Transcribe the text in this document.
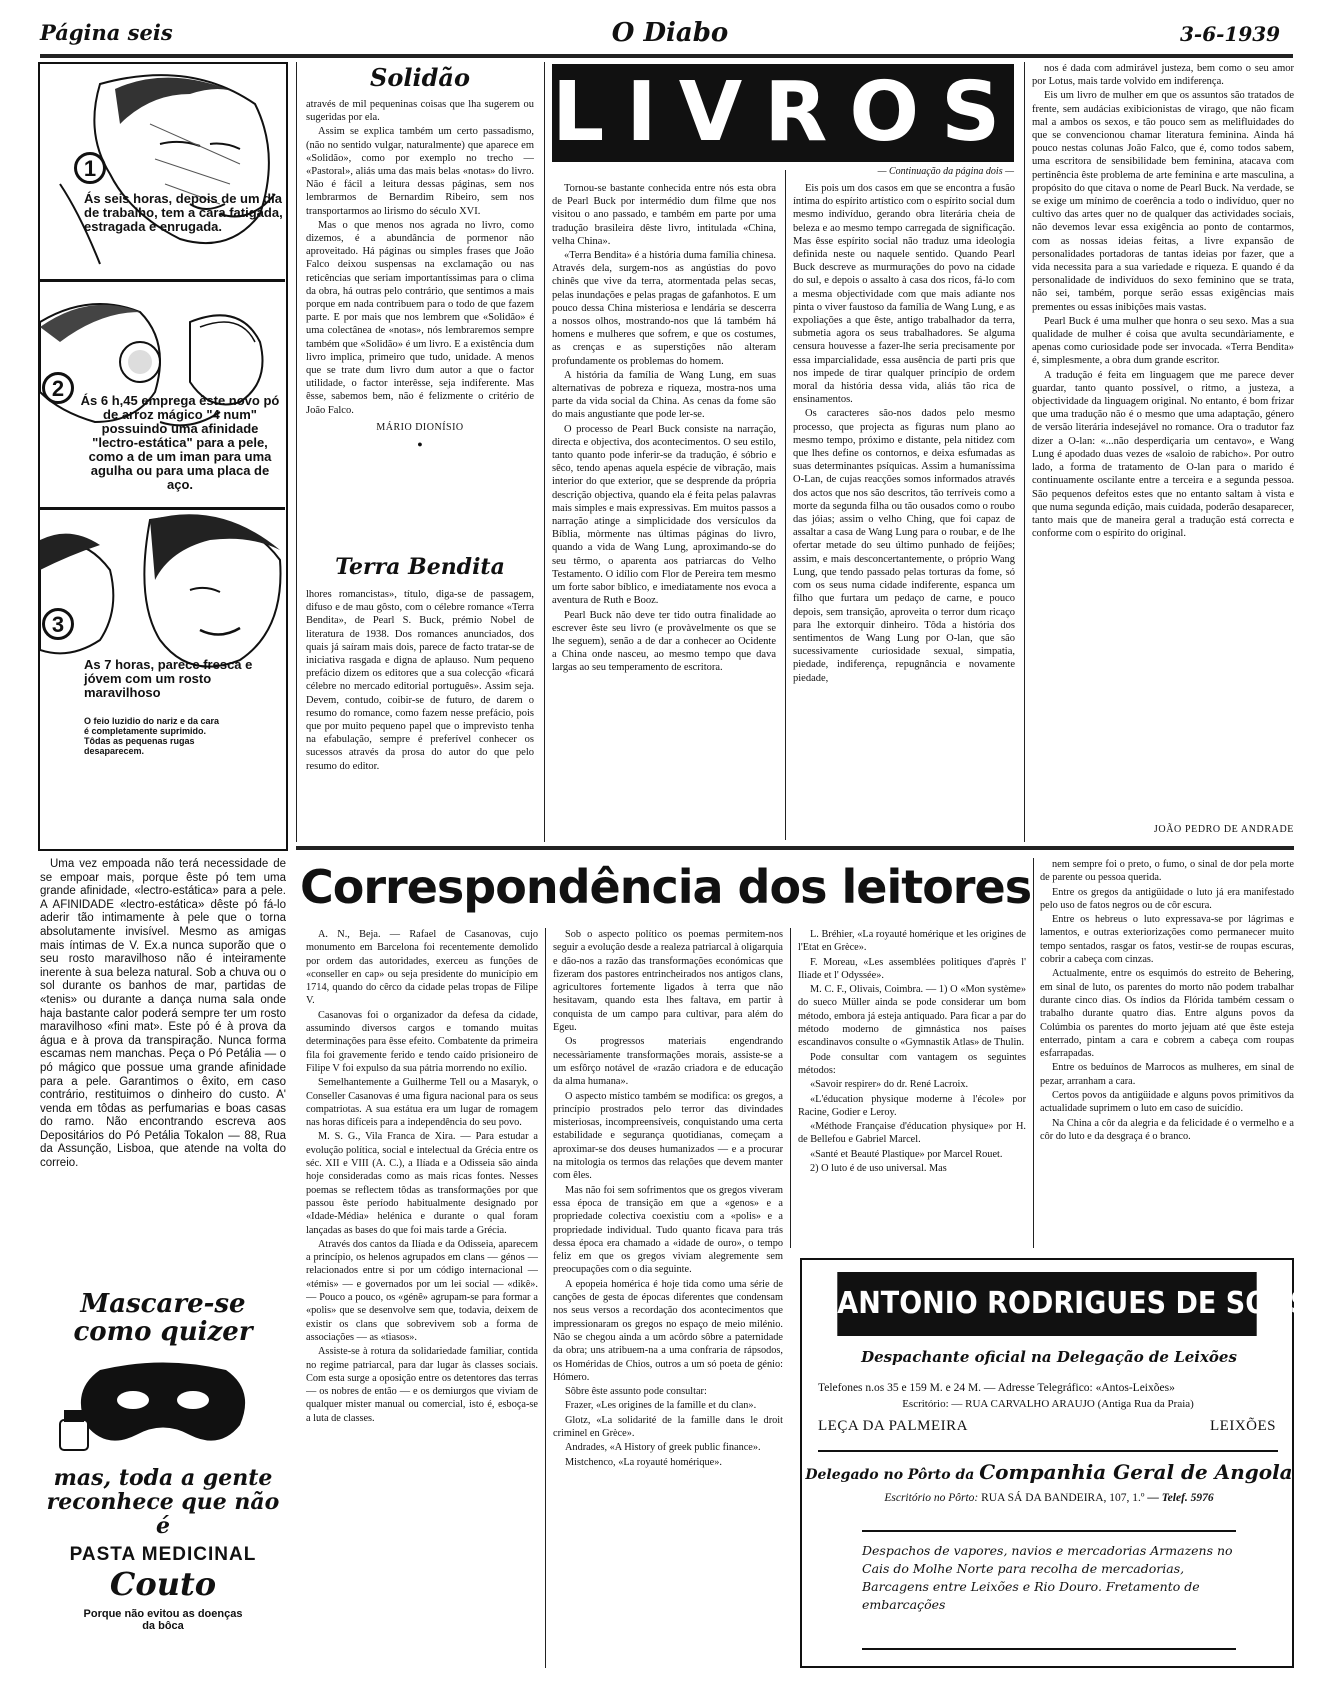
Página seis	O Diabo	3-6-1939
1
Ás seis horas, depois de um dia de trabalho, tem a cara fatigada, estragada e enrugada.
2	Ás 6 h,45 emprega êste novo pó de arroz mágico "4 num" possuindo uma afinidade "lectro-estática" para a pele, como a de um iman para uma agulha ou para uma placa de aço.
3
As 7 horas, parece fresca e jóvem com um rosto maravilhoso
O feio luzidio do nariz e da cara é completamente suprimido. Tôdas as pequenas rugas desaparecem.

Uma vez empoada não terá necessidade de se empoar mais, porque êste pó tem uma grande afinidade, «lectro-estática» para a pele. A AFINIDADE «lectro-estática» dêste pó fá-lo aderir tão intimamente à pele que o torna absolutamente invisível. Mesmo as amigas mais íntimas de V. Ex.a nunca suporão que o seu rosto maravilhoso não é inteiramente inerente à sua beleza natural. Sob a chuva ou o sol durante os banhos de mar, partidas de «tenis» ou durante a dança numa sala onde haja bastante calor poderá sempre ter um rosto maravilhoso «fini mat». Este pó é à prova da água e à prova da transpiração. Nunca forma escamas nem manchas. Peça o Pó Petália — o pó mágico que possue uma grande afinidade para a pele. Garantimos o êxito, em caso contrário, restituimos o dinheiro do custo. A' venda em tôdas as perfumarias e boas casas do ramo. Não encontrando escreva aos Depositários do Pó Petália Tokalon — 88, Rua da Assunção, Lisboa, que atende na volta do correio.

Mascare-se como quizer
mas, toda a gente reconhece que não é
PASTA MEDICINAL
Couto
Porque não evitou as doenças da bôca
Solidão

através de mil pequeninas coisas que lha sugerem ou sugeridas por ela.

Assim se explica também um certo passadismo, (não no sentido vulgar, naturalmente) que aparece em «Solidão», como por exemplo no trecho — «Pastoral», aliás uma das mais belas «notas» do livro. Não é fácil a leitura dessas páginas, sem nos lembrarmos de Bernardim Ribeiro, sem nos transportarmos ao lirismo do século XVI.

Mas o que menos nos agrada no livro, como dizemos, é a abundância de pormenor não aproveitado. Há páginas ou simples frases que João Falco deixou suspensas na exclamação ou nas reticências que seriam importantíssimas para o clima da obra, há outras pelo contrário, que sentimos a mais porque em nada contribuem para o todo de que fazem parte. E por mais que nos lembrem que «Solidão» é uma colectânea de «notas», nós lembraremos sempre também que «Solidão» é um livro. E a existência dum livro implica, primeiro que tudo, unidade. A menos que se trate dum livro dum autor a que o factor utilidade, o factor interêsse, seja indiferente. Mas êsse, sabemos bem, não é felizmente o critério de João Falco.

MÁRIO DIONÍSIO
●
Terra Bendita

lhores romancistas», título, diga-se de passagem, difuso e de mau gôsto, com o célebre romance «Terra Bendita», de Pearl S. Buck, prémio Nobel de literatura de 1938. Dos romances anunciados, dos quais já saíram mais dois, parece de facto tratar-se de iniciativa rasgada e digna de aplauso. Num pequeno prefácio dizem os editores que a sua colecção «ficará célebre no mercado editorial português». Assim seja. Devem, contudo, coibir-se de futuro, de darem o resumo do romance, como fazem nesse prefácio, pois que por muito pequeno papel que o imprevisto tenha na efabulação, sempre é preferível conhecer os sucessos através da prosa do autor do que pelo resumo do editor.

LIVROS
— Continuação da página dois —

Tornou-se bastante conhecida entre nós esta obra de Pearl Buck por intermédio dum filme que nos visitou o ano passado, e também em parte por uma tradução brasileira dêste livro, intitulada «China, velha China».

«Terra Bendita» é a história duma família chinesa. Através dela, surgem-nos as angústias do povo chinês que vive da terra, atormentada pelas secas, pelas inundações e pelas pragas de gafanhotos. E um pouco dessa China misteriosa e lendária se descerra a nossos olhos, mostrando-nos que lá também há homens e mulheres que sofrem, e que os costumes, as crenças e as superstições não alteram profundamente os problemas do homem.

A história da família de Wang Lung, em suas alternativas de pobreza e riqueza, mostra-nos uma parte da vida social da China. As cenas da fome são do mais angustiante que pode ler-se.

O processo de Pearl Buck consiste na narração, directa e objectiva, dos acontecimentos. O seu estilo, tanto quanto pode inferir-se da tradução, é sóbrio e sêco, tendo apenas aquela espécie de vibração, mais interior do que exterior, que se desprende da própria descrição objectiva, quando ela é feita pelas palavras mais simples e mais expressivas. Em muitos passos a narração atinge a simplicidade dos versículos da Bíblia, mòrmente nas últimas páginas do livro, quando a vida de Wang Lung, aproximando-se do seu têrmo, o aparenta aos patriarcas do Velho Testamento. O idílio com Flor de Pereira tem mesmo um forte sabor bíblico, e imediatamente nos evoca a aventura de Ruth e Booz.

Pearl Buck não deve ter tido outra finalidade ao escrever êste seu livro (e provàvelmente os que se lhe seguem), senão a de dar a conhecer ao Ocidente a China onde nasceu, ao mesmo tempo que dava largas ao seu temperamento de escritora.

Eis pois um dos casos em que se encontra a fusão íntima do espírito artístico com o espírito social dum mesmo indivíduo, gerando obra literária cheia de beleza e ao mesmo tempo carregada de significação. Mas êsse espírito social não traduz uma ideologia definida neste ou naquele sentido. Quando Pearl Buck descreve as murmurações do povo na cidade do sul, e depois o assalto à casa dos ricos, fá-lo com a mesma objectividade com que mais adiante nos pinta o viver faustoso da família de Wang Lung, e as expoliações a que êste, antigo trabalhador da terra, submetia agora os seus trabalhadores. Se alguma censura houvesse a fazer-lhe seria precisamente por essa imparcialidade, essa ausência de parti pris que nos impede de tirar qualquer princípio de ordem moral da história dessa vida, aliás tão rica de ensinamentos.

Os caracteres são-nos dados pelo mesmo processo, que projecta as figuras num plano ao mesmo tempo, próximo e distante, pela nitidez com que lhes define os contornos, e deixa esfumadas as suas determinantes psíquicas. Assim a humaníssima O-Lan, de cujas reacções somos informados através dos actos que nos são descritos, tão terríveis como a morte da segunda filha ou tão ousados como o roubo das jóias; assim o velho Ching, que foi capaz de assaltar a casa de Wang Lung para o roubar, e de lhe ofertar metade do seu último punhado de feijões; assim, e mais desconcertantemente, o próprio Wang Lung, que tendo passado pelas torturas da fome, só com os seus numa cidade indiferente, espanca um filho que furtara um pedaço de carne, e pouco depois, sem transição, aproveita o terror dum ricaço para lhe extorquir dinheiro. Tôda a história dos sentimentos de Wang Lung por O-lan, que são sucessivamente curiosidade sexual, simpatia, piedade, indiferença, repugnância e novamente piedade,

nos é dada com admirável justeza, bem como o seu amor por Lotus, mais tarde volvido em indiferença.

Eis um livro de mulher em que os assuntos são tratados de frente, sem audácias exibicionistas de virago, que não ficam mal a ambos os sexos, e tão pouco sem as melifluidades do que se convencionou chamar literatura feminina. Ainda há pouco nestas colunas João Falco, que é, como todos sabem, uma escritora de sensibilidade bem feminina, atacava com pertinência êste problema de arte feminina e arte masculina, a propósito do que citava o nome de Pearl Buck. Na verdade, se se exige um mínimo de coerência a todo o indivíduo, quer no cultivo das artes quer no de qualquer das actividades sociais, não devemos levar essa exigência ao ponto de contarmos, com as nossas ideias feitas, a livre expansão de personalidades portadoras de tantas ideias por fazer, que a vida necessita para a sua variedade e riqueza. E quando é da personalidade de indivíduos do sexo feminino que se trata, não sei, também, porque serão essas exigências mais prementes ou essas inibições mais vastas.

Pearl Buck é uma mulher que honra o seu sexo. Mas a sua qualidade de mulher é coisa que avulta secundàriamente, e apenas como curiosidade pode ser invocada. «Terra Bendita» é, simplesmente, a obra dum grande escritor.

A tradução é feita em linguagem que me parece dever guardar, tanto quanto possível, o ritmo, a justeza, a objectividade da linguagem original. No entanto, é bom frizar que uma tradução não é o mesmo que uma adaptação, género de versão literária indesejável no romance. Ora o tradutor faz dizer a O-lan: «...não desperdiçaria um centavo», e Wang Lung é apodado duas vezes de «saloio de rabicho». Por outro lado, a forma de tratamento de O-lan para o marido é continuamente oscilante entre a terceira e a segunda pessoa. São pequenos defeitos estes que no entanto saltam à vista e que numa segunda edição, mais cuidada, poderão desaparecer, tanto mais que de maneira geral a tradução está correcta e conforme com o espírito do original.

JOÃO PEDRO DE ANDRADE
Correspondência dos leitores

A. N., Beja. — Rafael de Casanovas, cujo monumento em Barcelona foi recentemente demolido por ordem das autoridades, exerceu as funções de «conseller en cap» ou seja presidente do município em 1714, quando do cêrco da cidade pelas tropas de Filipe V.

Casanovas foi o organizador da defesa da cidade, assumindo diversos cargos e tomando muitas determinações para êsse efeito. Combatente da primeira fila foi gravemente ferido e tendo caído prisioneiro de Filipe V foi expulso da sua pátria morrendo no exílio.

Semelhantemente a Guilherme Tell ou a Masaryk, o Conseller Casanovas é uma figura nacional para os seus compatriotas. A sua estátua era um lugar de romagem nas horas difíceis para a independência do seu povo.

M. S. G., Vila Franca de Xira. — Para estudar a evolução política, social e intelectual da Grécia entre os séc. XII e VIII (A. C.), a Ilíada e a Odisseia são ainda hoje consideradas como as mais ricas fontes. Nesses poemas se reflectem tôdas as transformações por que passou êste período habitualmente designado por «Idade-Média» helénica e durante o qual foram lançadas as bases do que foi mais tarde a Grécia.

Através dos cantos da Ilíada e da Odisseia, aparecem a princípio, os helenos agrupados em clans — génos — relacionados entre si por um código internacional — «témis» — e governados por um lei social — «dikê». — Pouco a pouco, os «génê» agrupam-se para formar a «polis» que se desenvolve sem que, todavia, deixem de existir os clans que sobrevivem sob a forma de associações — as «tiasos».

Assiste-se à rotura da solidariedade familiar, contida no regime patriarcal, para dar lugar às classes sociais. Com esta surge a oposição entre os detentores das terras — os nobres de então — e os demiurgos que viviam de qualquer mister manual ou comercial, isto é, esboça-se a luta de classes.

Sob o aspecto político os poemas permitem-nos seguir a evolução desde a realeza patriarcal à oligarquia e dão-nos a razão das transformações económicas que fizeram dos pastores entrincheirados nos antigos clans, agricultores fortemente ligados à terra que não hesitavam, quando esta lhes faltava, em partir à conquista de um campo para cultivar, para além do Egeu.

Os progressos materiais engendrando necessàriamente transformações morais, assiste-se a um esfôrço notável de «razão criadora e de educação da alma humana».

O aspecto místico também se modifica: os gregos, a princípio prostrados pelo terror das divindades misteriosas, incompreensíveis, conquistando uma certa estabilidade e segurança quotidianas, começam a aproximar-se dos deuses humanizados — e a procurar na mitologia os termos das relações que devem manter com êles.

Mas não foi sem sofrimentos que os gregos viveram essa época de transição em que a «genos» e a propriedade colectiva coexistiu com a «polis» e a propriedade individual. Tudo quanto ficava para trás dessa época era chamado a «idade de ouro», o tempo feliz em que os gregos viviam alegremente sem preocupações com o dia seguinte.

A epopeia homérica é hoje tida como uma série de canções de gesta de épocas diferentes que condensam nos seus versos a recordação dos acontecimentos que impressionaram os gregos no espaço de meio milénio. Não se chegou ainda a um acôrdo sôbre a paternidade da obra; uns atribuem-na a uma confraria de rápsodos, os Homéridas de Chios, outros a um só poeta de génio: Hómero.

Sôbre êste assunto pode consultar:

Frazer, «Les origines de la famille et du clan».

Glotz, «La solidarité de la famille dans le droit criminel en Grèce».

Andrades, «A History of greek public finance».

Mistchenco, «La royauté homérique».

L. Bréhier, «La royauté homérique et les origines de l'Etat en Grèce».

F. Moreau, «Les assemblées politiques d'après l' Iliade et l' Odyssée».

M. C. F., Olivais, Coimbra. — 1) O «Mon système» do sueco Müller ainda se pode considerar um bom método, embora já esteja antiquado. Para ficar a par do método moderno de gimnástica nos países escandinavos consulte o «Gymnastik Atlas» de Thulin.

Pode consultar com vantagem os seguintes métodos:

«Savoir respirer» do dr. René Lacroix.

«L'éducation physique moderne à l'école» por Racine, Godier e Leroy.

«Méthode Française d'éducation physique» por H. de Bellefou e Gabriel Marcel.

«Santé et Beauté Plastique» por Marcel Rouet.

2) O luto é de uso universal. Mas

nem sempre foi o preto, o fumo, o sinal de dor pela morte de parente ou pessoa querida.

Entre os gregos da antigüidade o luto já era manifestado pelo uso de fatos negros ou de côr escura.

Entre os hebreus o luto expressava-se por lágrimas e lamentos, e outras exteriorizações como permanecer muito tempo sentados, rasgar os fatos, vestir-se de roupas escuras, cobrir a cabeça com cinzas.

Actualmente, entre os esquimós do estreito de Behering, em sinal de luto, os parentes do morto não podem trabalhar durante cinco dias. Os índios da Flórida também cessam o trabalho durante quatro dias. Entre alguns povos da Colúmbia os parentes do morto jejuam até que êste esteja enterrado, pintam a cara e cobrem a cabeça com roupas esfarrapadas.

Entre os beduínos de Marrocos as mulheres, em sinal de pezar, arranham a cara.

Certos povos da antigüidade e alguns povos primitivos da actualidade suprimem o luto em caso de suicídio.

Na China a côr da alegria e da felicidade é o vermelho e a côr do luto e da desgraça é o branco.

ANTONIO RODRIGUES DE SOUSA
Despachante oficial na Delegação de Leixões
Telefones n.os 35 e 159 M. e 24 M. — Adresse Telegráfico: «Antos-Leixões»
Escritório: — RUA CARVALHO ARAUJO (Antiga Rua da Praia)
LEÇA DA PALMEIRA	LEIXÕES
Delegado no Pôrto da Companhia Geral de Angola
Escritório no Pôrto: RUA SÁ DA BANDEIRA, 107, 1.º — Telef. 5976
Despachos de vapores, navios e mercadorias Armazens no Cais do Molhe Norte para recolha de mercadorias, Barcagens entre Leixões e Rio Douro. Fretamento de embarcações
